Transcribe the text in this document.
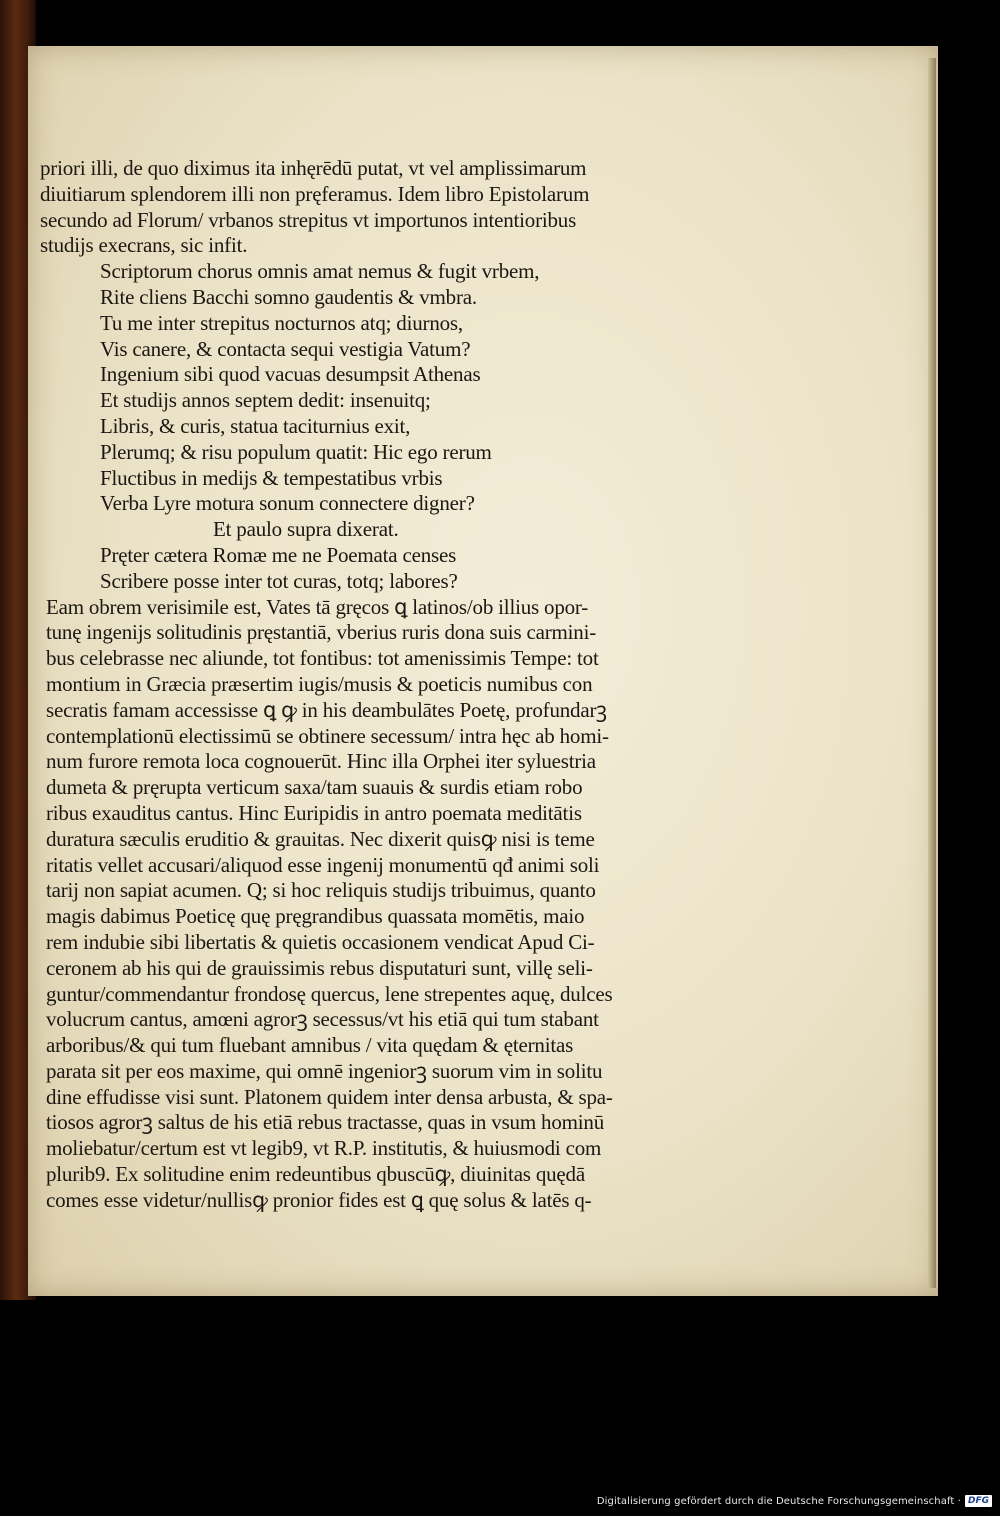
priori illi, de quo diximus ita inhęrēdū putat, vt vel amplissimarum
diuitiarum splendorem illi non pręferamus. Idem libro Epistolarum
secundo ad Florum/ vrbanos strepitus vt importunos intentioribus
studijs execrans, sic infit.
Scriptorum chorus omnis amat nemus & fugit vrbem,
Rite cliens Bacchi somno gaudentis & vmbra.
Tu me inter strepitus nocturnos atq; diurnos,
Vis canere, & contacta sequi vestigia Vatum?
Ingenium sibi quod vacuas desumpsit Athenas
Et studijs annos septem dedit: insenuitq;
Libris, & curis, statua taciturnius exit,
Plerumq; & risu populum quatit: Hic ego rerum
Fluctibus in medijs & tempestatibus vrbis
Verba Lyre motura sonum connectere digner?
Et paulo supra dixerat.
Pręter cætera Romæ me ne Poemata censes
Scribere posse inter tot curas, totq; labores?
Eam obrem verisimile est, Vates tā gręcos ꝗ latinos/ob illius opor-
tunę ingenijs solitudinis pręstantiā, vberius ruris dona suis carmini-
bus celebrasse nec aliunde, tot fontibus: tot amenissimis Tempe: tot
montium in Græcia præsertim iugis/musis & poeticis numibus con
secratis famam accessisse ꝗ ꝙ in his deambulātes Poetę, profundarꝫ
contemplationū electissimū se obtinere secessum/ intra hęc ab homi-
num furore remota loca cognouerūt. Hinc illa Orphei iter syluestria
dumeta & pręrupta verticum saxa/tam suauis & surdis etiam robo
ribus exauditus cantus. Hinc Euripidis in antro poemata meditātis
duratura sæculis eruditio & grauitas. Nec dixerit quisꝙ nisi is teme
ritatis vellet accusari/aliquod esse ingenij monumentū qđ animi soli
tarij non sapiat acumen. Q; si hoc reliquis studijs tribuimus, quanto
magis dabimus Poeticę quę pręgrandibus quassata momētis, maio
rem indubie sibi libertatis & quietis occasionem vendicat Apud Ci-
ceronem ab his qui de grauissimis rebus disputaturi sunt, villę seli-
guntur/commendantur frondosę quercus, lene strepentes aquę, dulces
volucrum cantus, amœni agrorꝫ secessus/vt his etiā qui tum stabant
arboribus/& qui tum fluebant amnibus / vita quędam & ęternitas
parata sit per eos maxime, qui omnē ingeniorꝫ suorum vim in solitu
dine effudisse visi sunt. Platonem quidem inter densa arbusta, & spa-
tiosos agrorꝫ saltus de his etiā rebus tractasse, quas in vsum hominū
moliebatur/certum est vt legib9, vt R.P. institutis, & huiusmodi com
plurib9. Ex solitudine enim redeuntibus qbuscūꝙ, diuinitas quędā
comes esse videtur/nullisꝙ pronior fides est ꝗ quę solus & latēs q-
Digitalisierung gefördert durch die Deutsche Forschungsgemeinschaft · DFG
